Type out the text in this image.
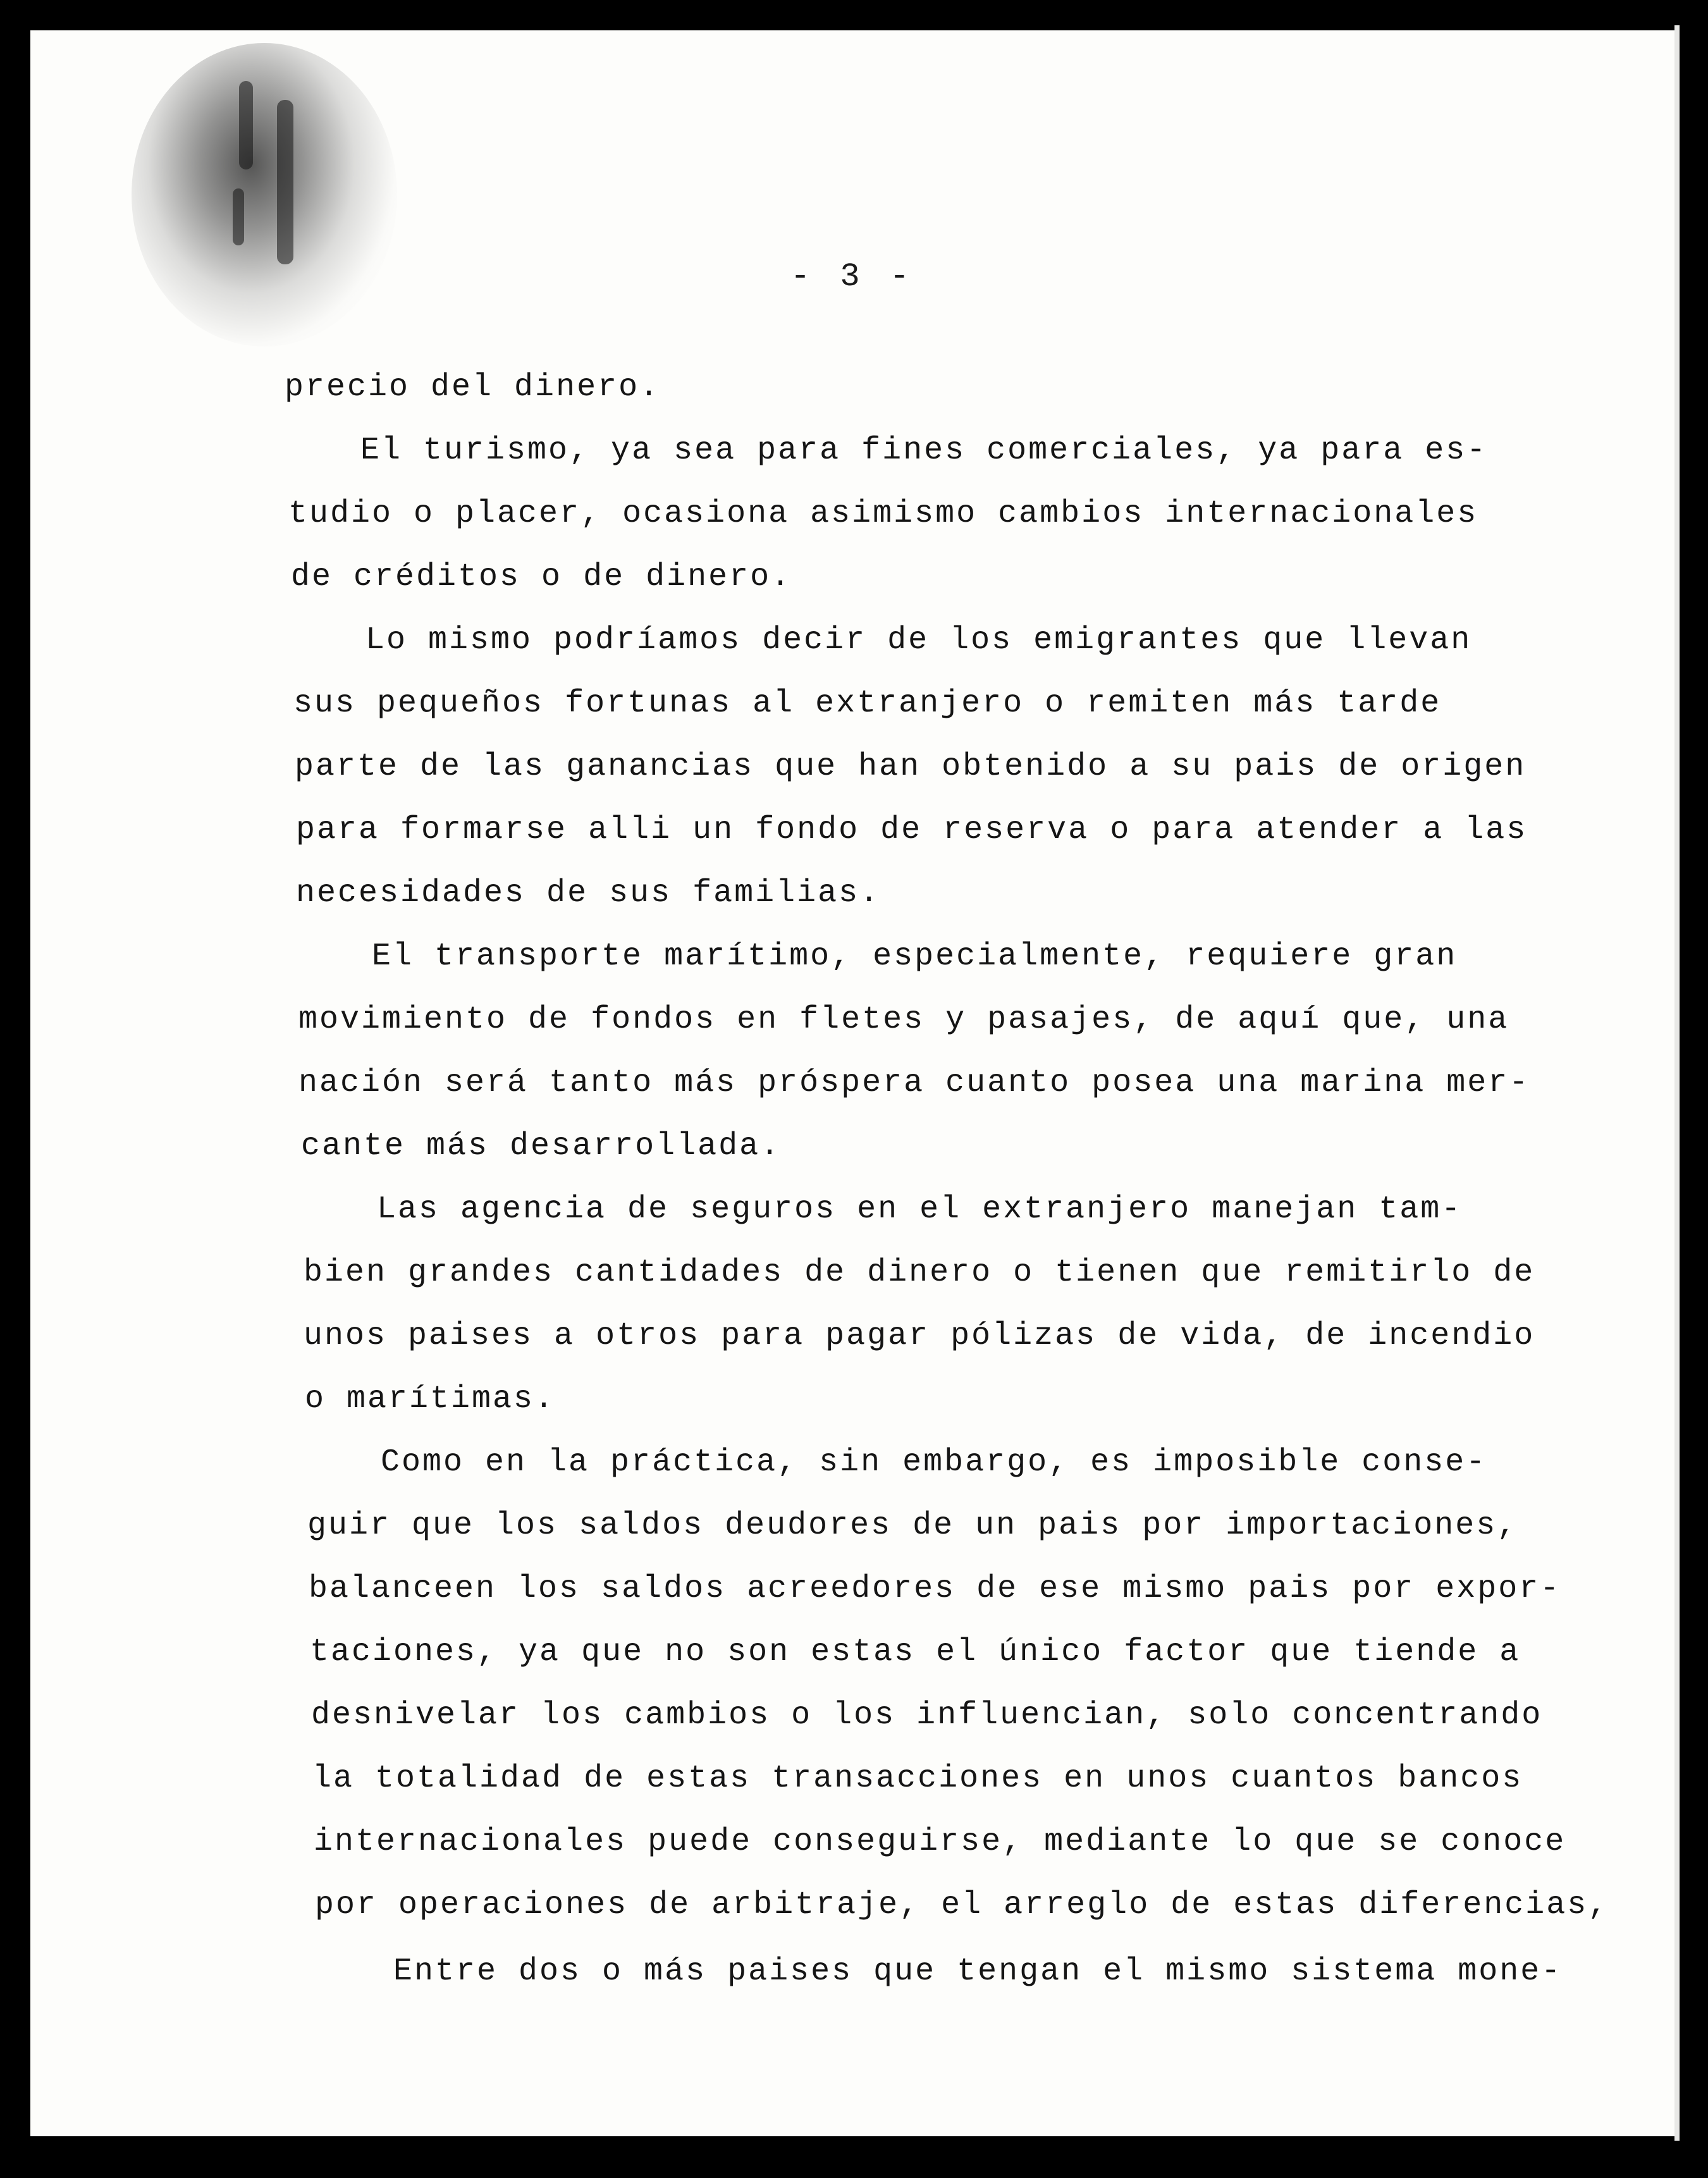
- 3 -
precio del dinero.
El turismo, ya sea para fines comerciales, ya para es-
tudio o placer, ocasiona asimismo cambios internacionales
de créditos o de dinero.
Lo mismo podríamos decir de los emigrantes que llevan
sus pequeños fortunas al extranjero o remiten más tarde
parte de las ganancias que han obtenido a su pais de origen
para formarse alli un fondo de reserva o para atender a las
necesidades de sus familias.
El transporte marítimo, especialmente, requiere gran
movimiento de fondos en fletes y pasajes, de aquí que, una
nación será tanto más próspera cuanto posea una marina mer-
cante más desarrollada.
Las agencia de seguros en el extranjero manejan tam-
bien grandes cantidades de dinero o tienen que remitirlo de
unos paises a otros para pagar pólizas de vida, de incendio
o marítimas.
Como en la práctica, sin embargo, es imposible conse-
guir que los saldos deudores de un pais por importaciones,
balanceen los saldos acreedores de ese mismo pais por expor-
taciones, ya que no son estas el único factor que tiende a
desnivelar los cambios o los influencian, solo concentrando
la totalidad de estas transacciones en unos cuantos bancos
internacionales puede conseguirse, mediante lo que se conoce
por operaciones de arbitraje, el arreglo de estas diferencias,
Entre dos o más paises que tengan el mismo sistema mone-
